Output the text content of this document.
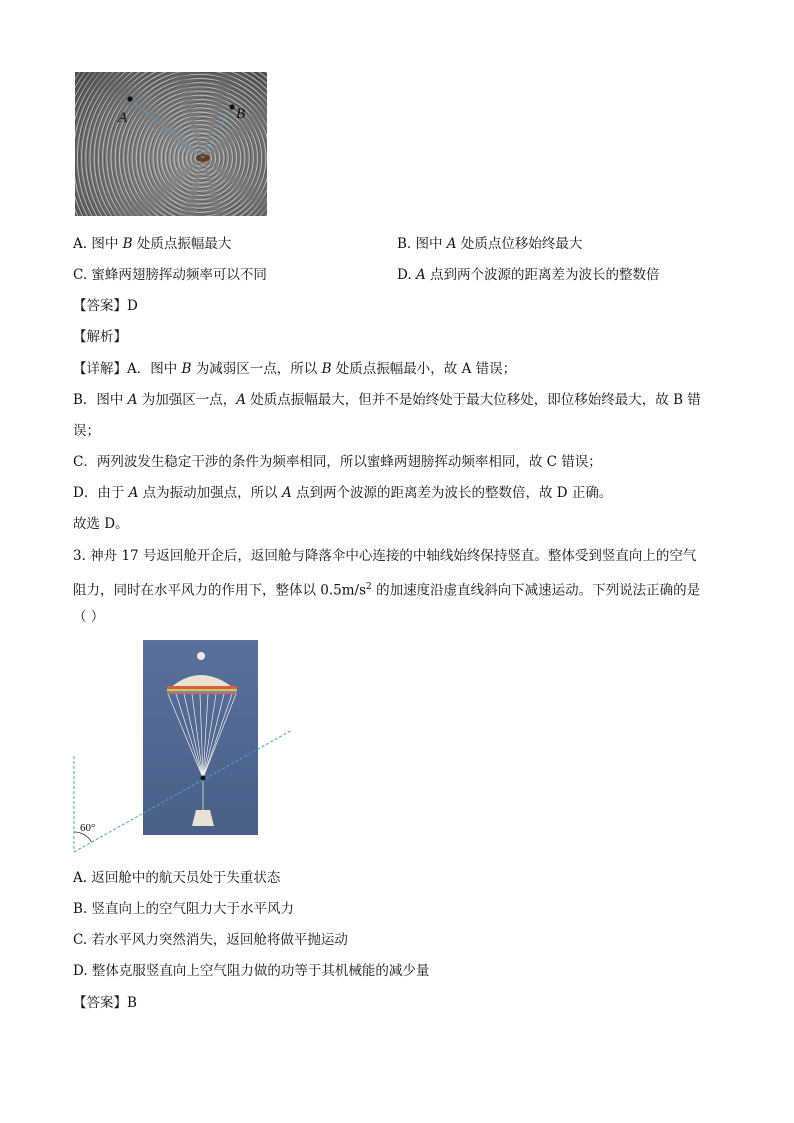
A	B
A. 图中 B 处质点振幅最大	B. 图中 A 处质点位移始终最大
C. 蜜蜂两翅膀挥动频率可以不同	D. A 点到两个波源的距离差为波长的整数倍
【答案】D
【解析】
【详解】A．图中 B 为减弱区一点，所以 B 处质点振幅最小，故 A 错误；
B．图中 A 为加强区一点，A 处质点振幅最大，但并不是始终处于最大位移处，即位移始终最大，故 B 错
误；
C．两列波发生稳定干涉的条件为频率相同，所以蜜蜂两翅膀挥动频率相同，故 C 错误；
D．由于 A 点为振动加强点，所以 A 点到两个波源的距离差为波长的整数倍，故 D 正确。
故选 D。
3. 神舟 17 号返回舱开企后，返回舱与降落伞中心连接的中轴线始终保持竖直。整体受到竖直向上的空气
阻力，同时在水平风力的作用下，整体以 $0.5m/s^2$ 的加速度沿虚直线斜向下减速运动。下列说法正确的是
（ ）
60°
A. 返回舱中的航天员处于失重状态
B. 竖直向上的空气阻力大于水平风力
C. 若水平风力突然消失，返回舱将做平抛运动
D. 整体克服竖直向上空气阻力做的功等于其机械能的减少量
【答案】B
